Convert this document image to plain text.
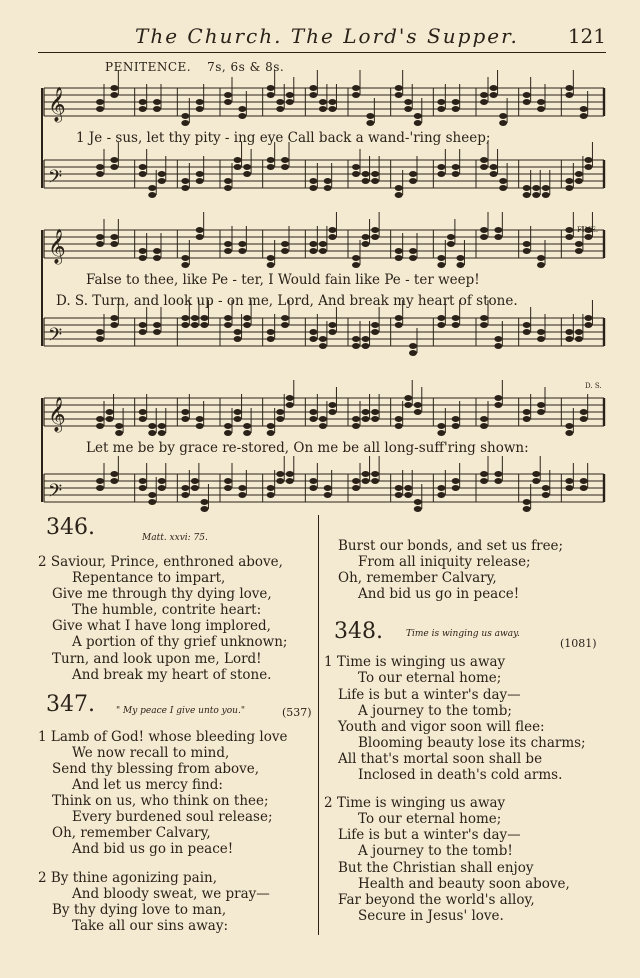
The Church. The Lord's Supper. 121
PENITENCE. 7s, 6s & 8s.
𝄞
𝄢
𝄞
𝄢
𝄞
𝄢
1 Je - sus, let thy pity - ing eye Call back a wand-'ring sheep;
False to thee, like Pe - ter, I Would fain like Pe - ter weep!
D. S. Turn, and look up - on me, Lord, And break my heart of stone.
Let me be by grace re-stored, On me be all long-suff'ring shown:
FINE.
D. S.
346.	Matt. xxvi: 75.
2 Saviour, Prince, enthroned above,
Repentance to impart,
Give me through thy dying love,
The humble, contrite heart:
Give what I have long implored,
A portion of thy grief unknown;
Turn, and look upon me, Lord!
And break my heart of stone.
347. " My peace I give unto you."	(537)
1 Lamb of God! whose bleeding love
We now recall to mind,
Send thy blessing from above,
And let us mercy find:
Think on us, who think on thee;
Every burdened soul release;
Oh, remember Calvary,
And bid us go in peace!
2 By thine agonizing pain,
And bloody sweat, we pray—
By thy dying love to man,
Take all our sins away:
Burst our bonds, and set us free;
From all iniquity release;
Oh, remember Calvary,
And bid us go in peace!
348.	Time is winging us away.
(1081)
1 Time is winging us away
To our eternal home;
Life is but a winter's day—
A journey to the tomb;
Youth and vigor soon will flee:
Blooming beauty lose its charms;
All that's mortal soon shall be
Inclosed in death's cold arms.
2 Time is winging us away
To our eternal home;
Life is but a winter's day—
A journey to the tomb!
But the Christian shall enjoy
Health and beauty soon above,
Far beyond the world's alloy,
Secure in Jesus' love.
